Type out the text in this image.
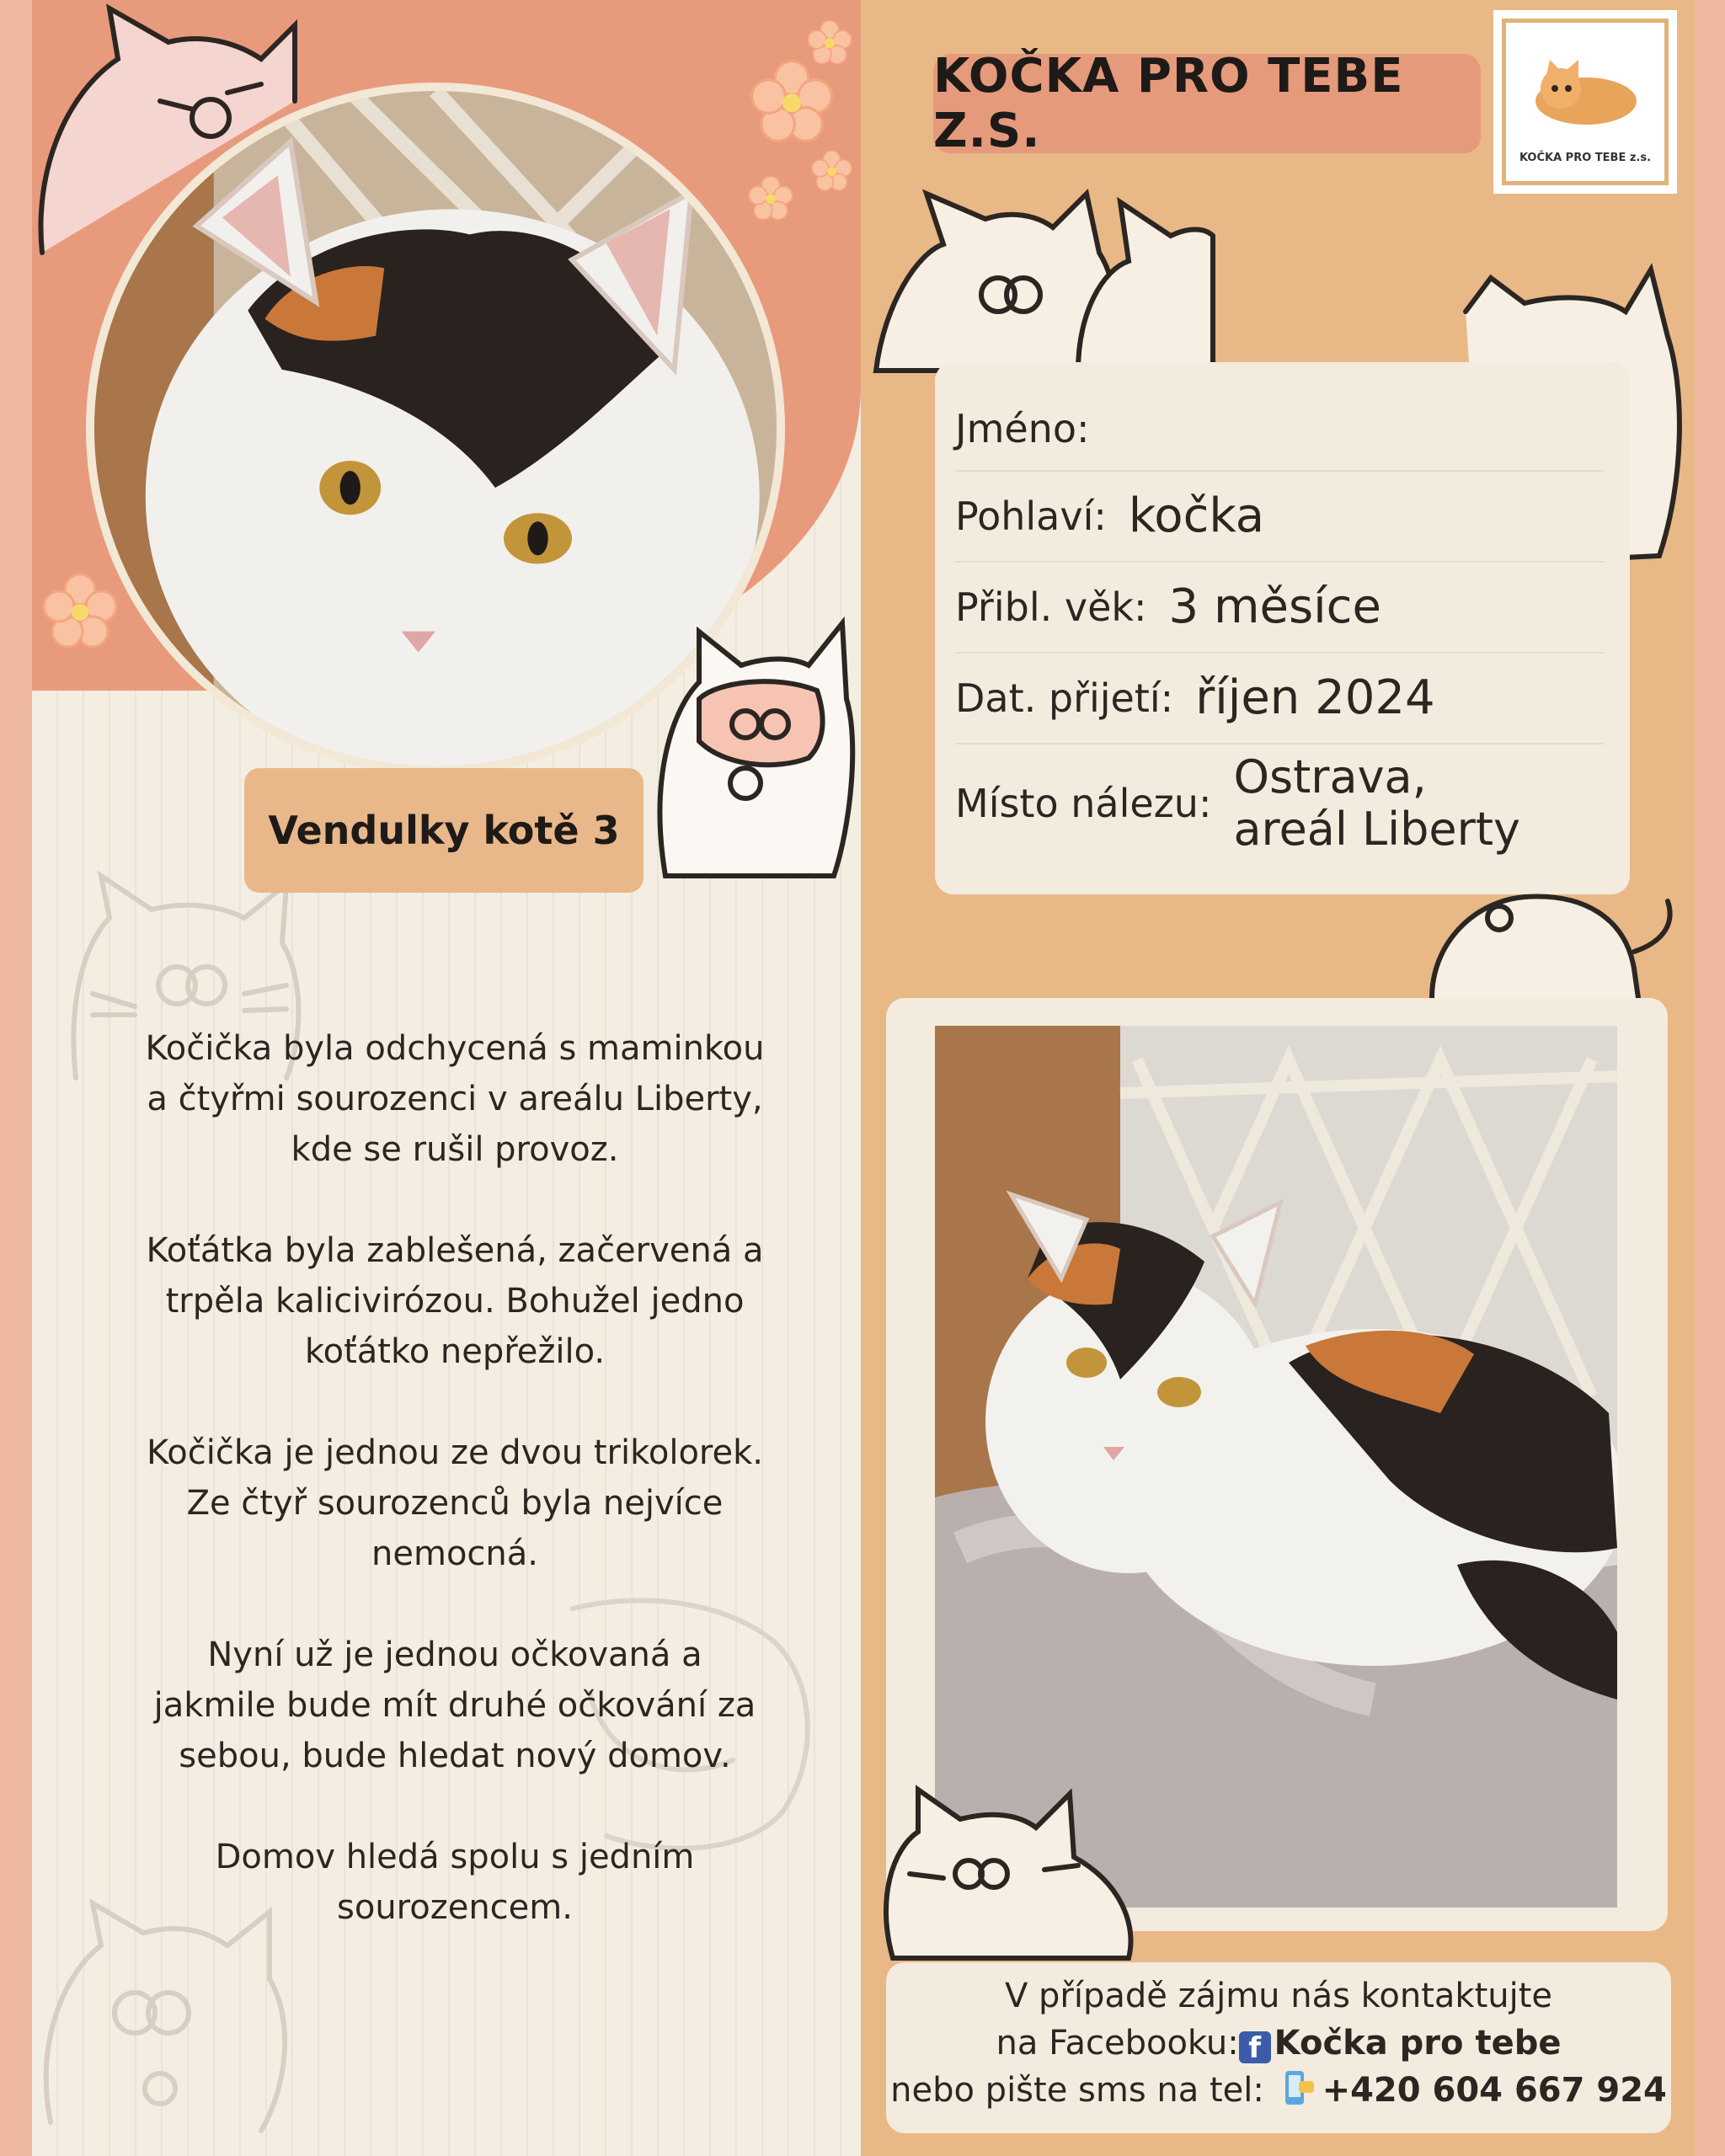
Vendulky kotě 3

Kočička byla odchycená s maminkou
a čtyřmi sourozenci v areálu Liberty,
kde se rušil provoz.

Koťátka byla zablešená, začervená a
trpěla kalicivirózou. Bohužel jedno
koťátko nepřežilo.

Kočička je jednou ze dvou trikolorek.
Ze čtyř sourozenců byla nejvíce
nemocná.

Nyní už je jednou očkovaná a
jakmile bude mít druhé očkování za
sebou, bude hledat nový domov.

Domov hledá spolu s jedním
sourozencem.

KOČKA PRO TEBE Z.S.	KOČKA PRO TEBE z.s.
Jméno:
Pohlaví: kočka
Přibl. věk: 3 měsíce
Dat. přijetí: říjen 2024
Místo nálezu: Ostrava,
areál Liberty
V případě zájmu nás kontaktujte
na Facebooku: f Kočka pro tebe
nebo pište sms na tel: +420 604 667 924
